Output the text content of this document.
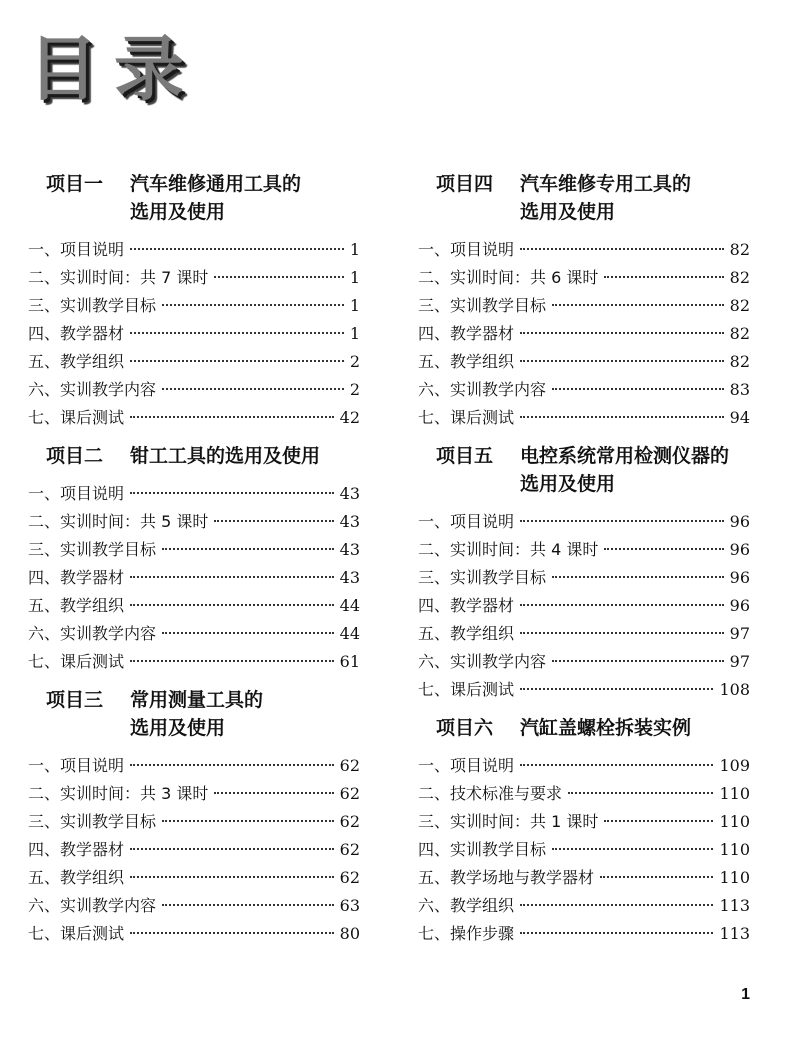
目录
项目一	汽车维修通用工具的
选用及使用
一、项目说明	1
二、实训时间：共 7 课时	1
三、实训教学目标	1
四、教学器材	1
五、教学组织	2
六、实训教学内容	2
七、课后测试	42
项目二	钳工工具的选用及使用
一、项目说明	43
二、实训时间：共 5 课时	43
三、实训教学目标	43
四、教学器材	43
五、教学组织	44
六、实训教学内容	44
七、课后测试	61
项目三	常用测量工具的
选用及使用
一、项目说明	62
二、实训时间：共 3 课时	62
三、实训教学目标	62
四、教学器材	62
五、教学组织	62
六、实训教学内容	63
七、课后测试	80
项目四	汽车维修专用工具的
选用及使用
一、项目说明	82
二、实训时间：共 6 课时	82
三、实训教学目标	82
四、教学器材	82
五、教学组织	82
六、实训教学内容	83
七、课后测试	94
项目五	电控系统常用检测仪器的
选用及使用
一、项目说明	96
二、实训时间：共 4 课时	96
三、实训教学目标	96
四、教学器材	96
五、教学组织	97
六、实训教学内容	97
七、课后测试	108
项目六	汽缸盖螺栓拆装实例
一、项目说明	109
二、技术标准与要求	110
三、实训时间：共 1 课时	110
四、实训教学目标	110
五、教学场地与教学器材	110
六、教学组织	113
七、操作步骤	113
1
